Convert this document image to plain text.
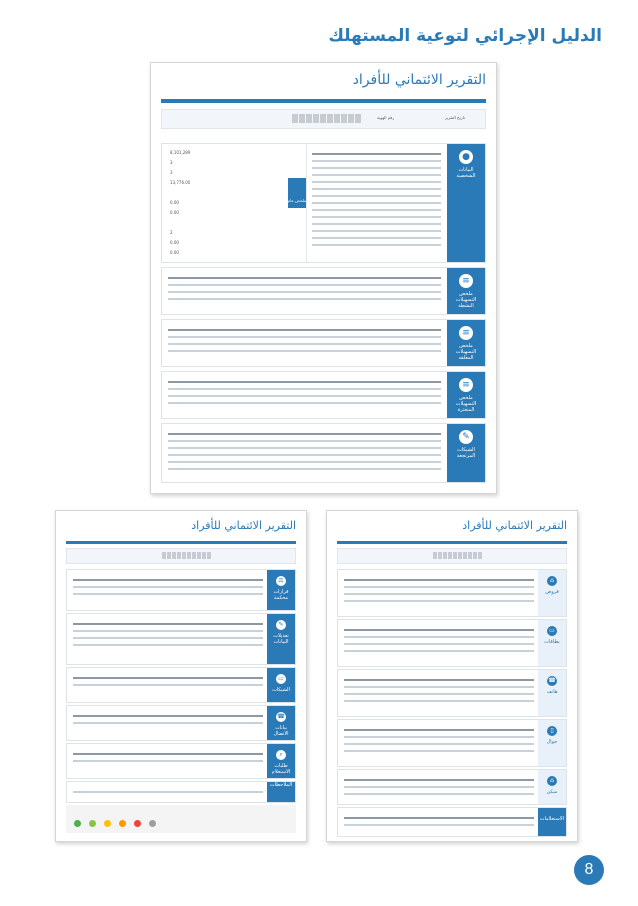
الدليل الإجرائي لتوعية المستهلك
التقرير الائتماني للأفراد
رقم الهوية	تاريخ التقرير
●
البيانات الشخصية
ملخص عام
8,101,289
3
3
13,776.00
0.00
0.00
2
0.00
0.00
≡
ملخص التسهيلات النشطة
≡
ملخص التسهيلات المغلقة
≡
ملخص التسهيلات المتعثرة
✎
الشيكات المرتجعة
التقرير الائتماني للأفراد
⚖
قرارات محكمة
✎
تعديلات البيانات
▭
الشيكات
☎
بيانات الاتصال
⌕
طلبات الاستعلام
الملاحظات

التقرير الائتماني للأفراد
⌂
قروض
▭
بطاقات
☎
هاتف
▯
جوال
⌂
سكن
الاستعلامات
8
